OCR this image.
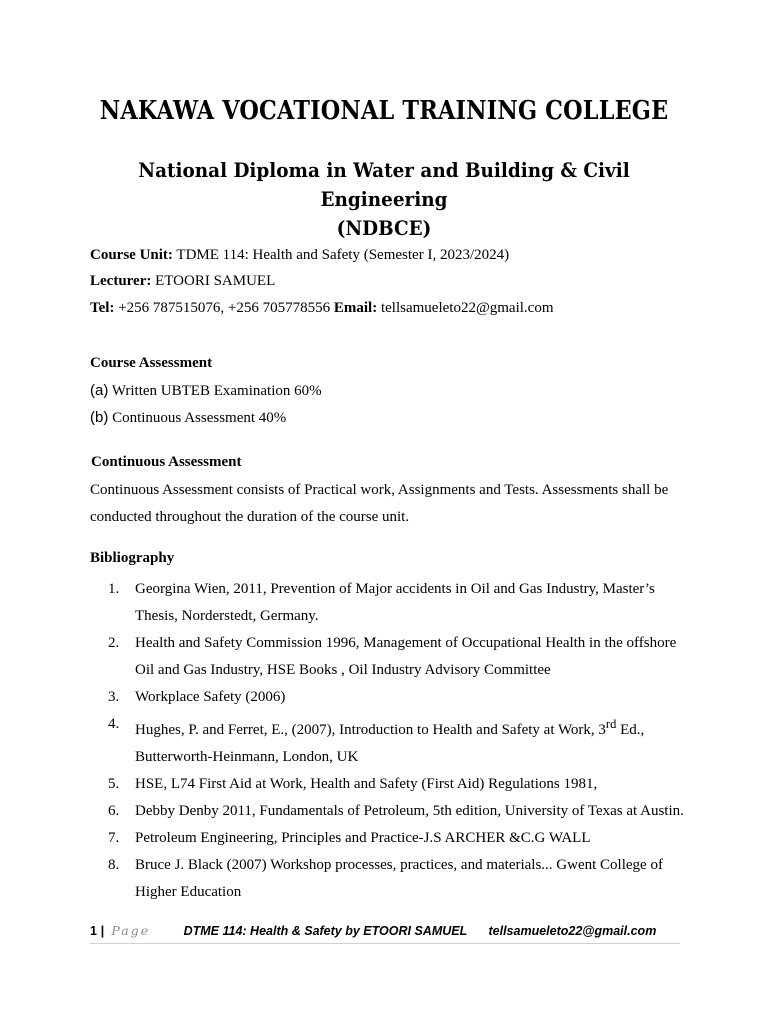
NAKAWA VOCATIONAL TRAINING COLLEGE
National Diploma in Water and Building & Civil
Engineering
(NDBCE)
Course Unit: TDME 114: Health and Safety (Semester I, 2023/2024)
Lecturer: ETOORI SAMUEL
Tel: +256 787515076, +256 705778556 Email: tellsamueleto22@gmail.com
Course Assessment
(a) Written UBTEB Examination 60%
(b) Continuous Assessment 40%
Continuous Assessment
Continuous Assessment consists of Practical work, Assignments and Tests. Assessments shall be conducted throughout the duration of the course unit.
Bibliography
1. Georgina Wien, 2011, Prevention of Major accidents in Oil and Gas Industry, Master’s Thesis, Norderstedt, Germany.
2. Health and Safety Commission 1996, Management of Occupational Health in the offshore Oil and Gas Industry, HSE Books , Oil Industry Advisory Committee
3. Workplace Safety (2006)
4. Hughes, P. and Ferret, E., (2007), Introduction to Health and Safety at Work, 3rd Ed., Butterworth-Heinmann, London, UK
5. HSE, L74 First Aid at Work, Health and Safety (First Aid) Regulations 1981,
6. Debby Denby 2011, Fundamentals of Petroleum, 5th edition, University of Texas at Austin.
7. Petroleum Engineering, Principles and Practice-J.S ARCHER &C.G WALL
8. Bruce J. Black (2007) Workshop processes, practices, and materials... Gwent College of Higher Education
1 | Page	DTME 114: Health & Safety by ETOORI SAMUEL tellsamueleto22@gmail.com
